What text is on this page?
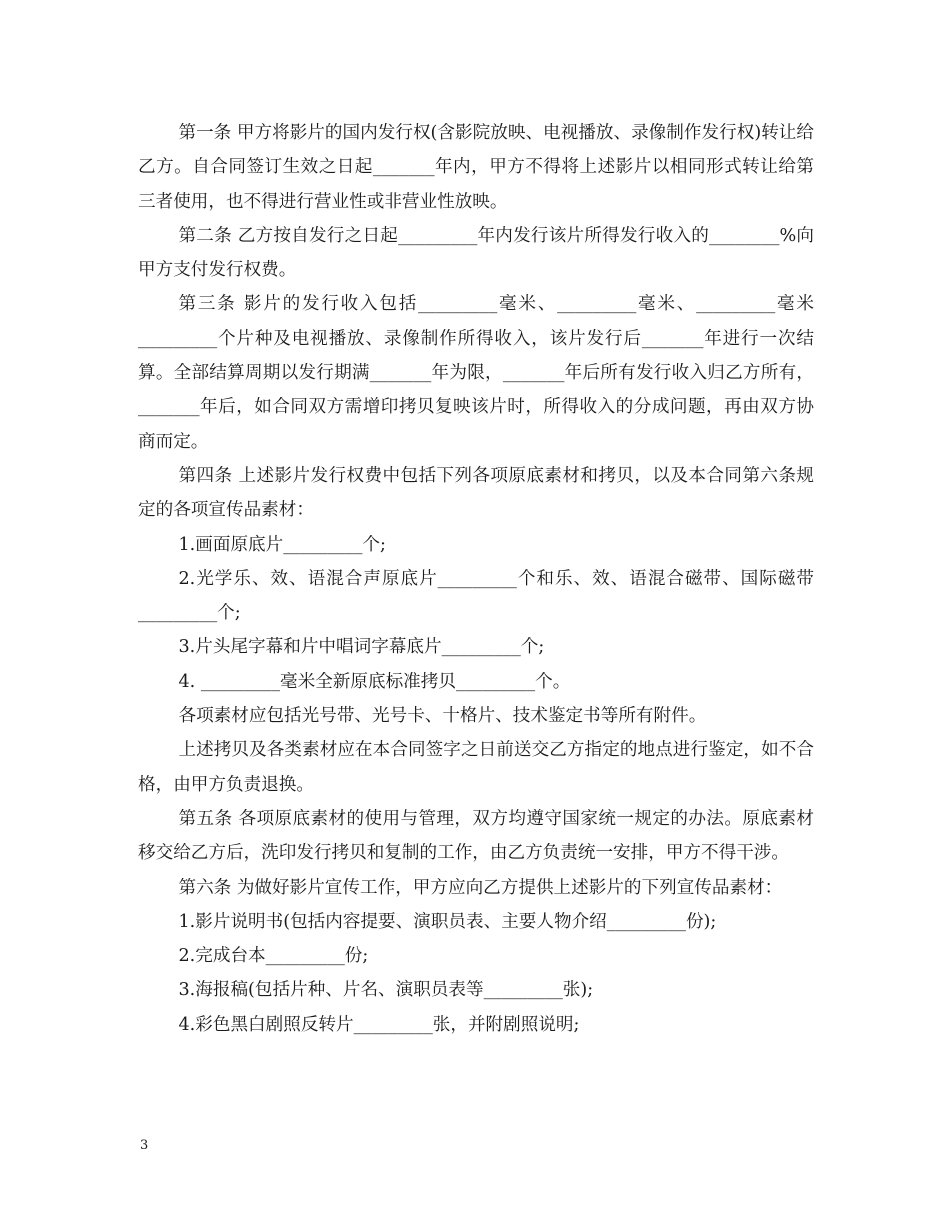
第一条 甲方将影片的国内发行权(含影院放映、电视播放、录像制作发行权)转让给乙方。自合同签订生效之日起_______年内，甲方不得将上述影片以相同形式转让给第三者使用，也不得进行营业性或非营业性放映。

第二条 乙方按自发行之日起_________年内发行该片所得发行收入的________%向甲方支付发行权费。

第三条 影片的发行收入包括_________毫米、_________毫米、_________毫米_________个片种及电视播放、录像制作所得收入，该片发行后_______年进行一次结算。全部结算周期以发行期满_______年为限，_______年后所有发行收入归乙方所有，_______年后，如合同双方需增印拷贝复映该片时，所得收入的分成问题，再由双方协商而定。

第四条 上述影片发行权费中包括下列各项原底素材和拷贝，以及本合同第六条规定的各项宣传品素材：

1.画面原底片_________个;

2.光学乐、效、语混合声原底片_________个和乐、效、语混合磁带、国际磁带_________个;

3.片头尾字幕和片中唱词字幕底片_________个;

4. _________毫米全新原底标准拷贝_________个。

各项素材应包括光号带、光号卡、十格片、技术鉴定书等所有附件。

上述拷贝及各类素材应在本合同签字之日前送交乙方指定的地点进行鉴定，如不合格，由甲方负责退换。

第五条 各项原底素材的使用与管理，双方均遵守国家统一规定的办法。原底素材移交给乙方后，洗印发行拷贝和复制的工作，由乙方负责统一安排，甲方不得干涉。

第六条 为做好影片宣传工作，甲方应向乙方提供上述影片的下列宣传品素材：

1.影片说明书(包括内容提要、演职员表、主要人物介绍_________份);

2.完成台本_________份;

3.海报稿(包括片种、片名、演职员表等_________张);

4.彩色黑白剧照反转片_________张，并附剧照说明;

3
